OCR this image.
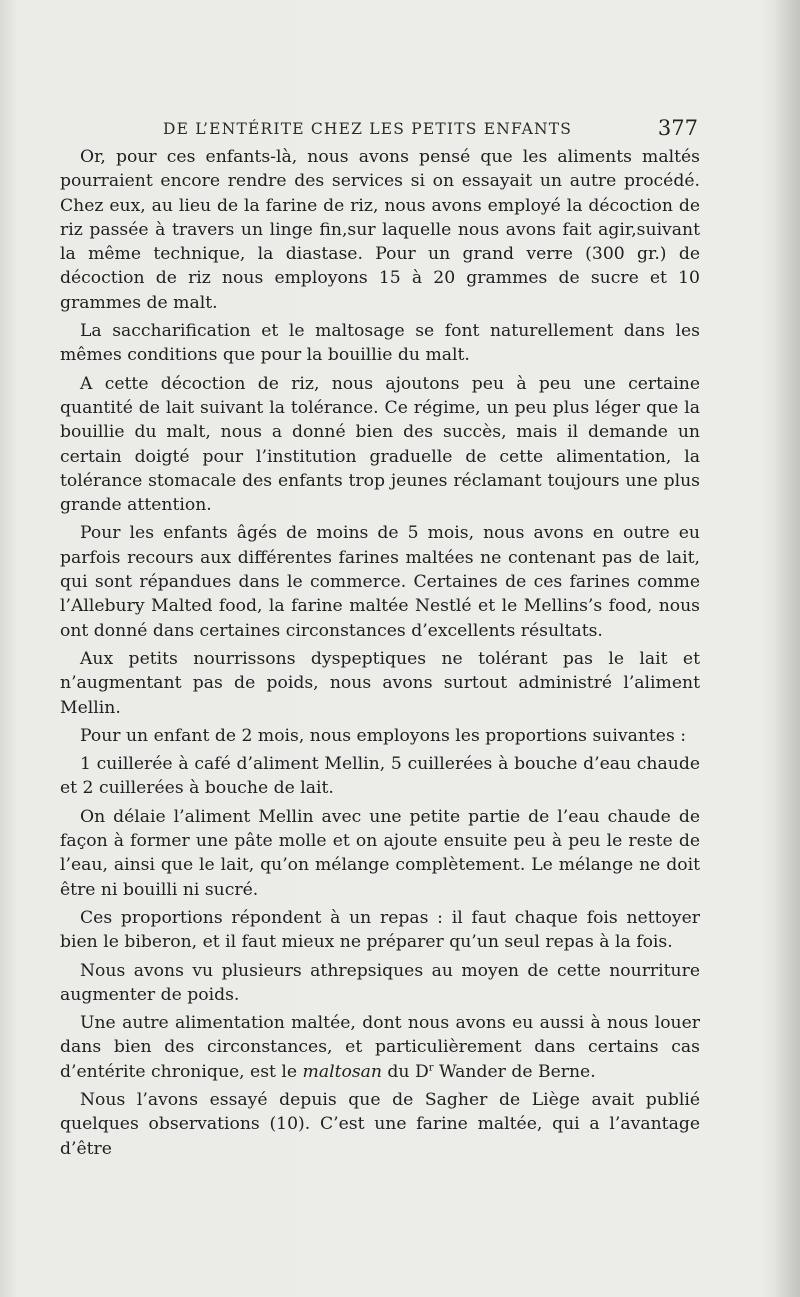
DE L’ENTÉRITE CHEZ LES PETITS ENFANTS	377

Or, pour ces enfants-là, nous avons pensé que les aliments maltés pourraient encore rendre des services si on essayait un autre procédé. Chez eux, au lieu de la farine de riz, nous avons employé la décoction de riz passée à travers un linge fin,sur laquelle nous avons fait agir,suivant la même technique, la diastase. Pour un grand verre (300 gr.) de décoction de riz nous employons 15 à 20 grammes de sucre et 10 grammes de malt.

La saccharification et le maltosage se font naturellement dans les mêmes conditions que pour la bouillie du malt.

A cette décoction de riz, nous ajoutons peu à peu une certaine quantité de lait suivant la tolérance. Ce régime, un peu plus léger que la bouillie du malt, nous a donné bien des succès, mais il demande un certain doigté pour l’institution graduelle de cette alimentation, la tolérance stomacale des enfants trop jeunes réclamant toujours une plus grande attention.

Pour les enfants âgés de moins de 5 mois, nous avons en outre eu parfois recours aux différentes farines maltées ne contenant pas de lait, qui sont répandues dans le commerce. Certaines de ces farines comme l’Allebury Malted food, la farine maltée Nestlé et le Mellins’s food, nous ont donné dans certaines circonstances d’excellents résultats.

Aux petits nourrissons dyspeptiques ne tolérant pas le lait et n’augmentant pas de poids, nous avons surtout administré l’aliment Mellin.

Pour un enfant de 2 mois, nous employons les proportions suivantes :

1 cuillerée à café d’aliment Mellin, 5 cuillerées à bouche d’eau chaude et 2 cuillerées à bouche de lait.

On délaie l’aliment Mellin avec une petite partie de l’eau chaude de façon à former une pâte molle et on ajoute ensuite peu à peu le reste de l’eau, ainsi que le lait, qu’on mélange complètement. Le mélange ne doit être ni bouilli ni sucré.

Ces proportions répondent à un repas : il faut chaque fois nettoyer bien le biberon, et il faut mieux ne préparer qu’un seul repas à la fois.

Nous avons vu plusieurs athrepsiques au moyen de cette nourriture augmenter de poids.

Une autre alimentation maltée, dont nous avons eu aussi à nous louer dans bien des circonstances, et particulièrement dans certains cas d’entérite chronique, est le maltosan du $D^r$ Wander de Berne.

Nous l’avons essayé depuis que de Sagher de Liège avait publié quelques observations (10). C’est une farine maltée, qui a l’avantage d’être
